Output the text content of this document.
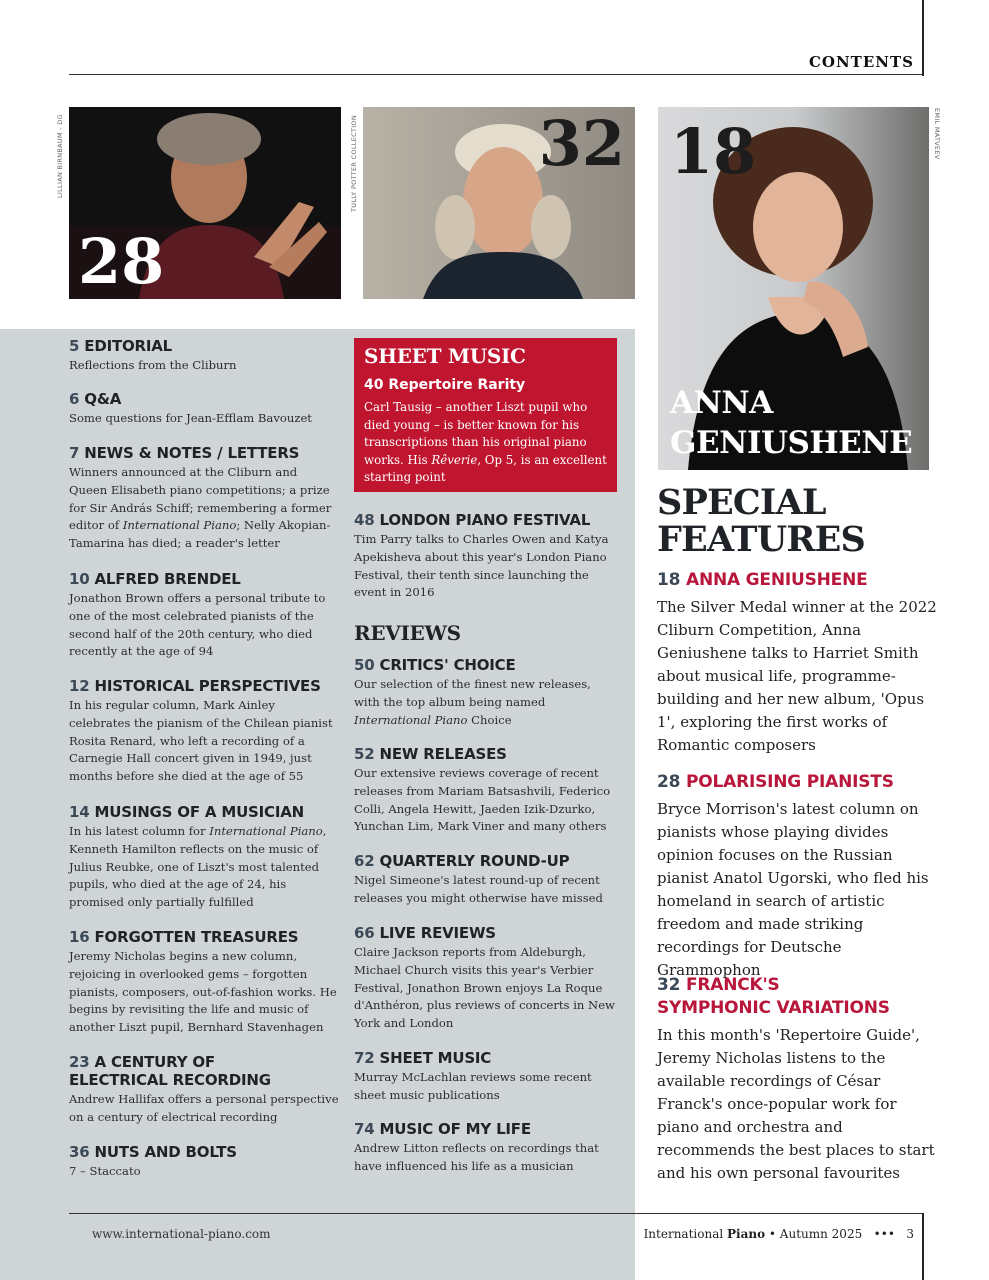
CONTENTS
LILLIAN BIRNBAUM - DG
28
TULLY POTTER COLLECTION	32 18	EMIL MATVEEV
ANNA
GENIUSHENE
5 EDITORIAL

Reflections from the Cliburn

6 Q&A

Some questions for Jean-Efflam Bavouzet

7 NEWS & NOTES / LETTERS

Winners announced at the Cliburn and Queen Elisabeth piano competitions; a prize for Sir András Schiff; remembering a former editor of International Piano; Nelly Akopian-Tamarina has died; a reader's letter

10 ALFRED BRENDEL

Jonathon Brown offers a personal tribute to one of the most celebrated pianists of the second half of the 20th century, who died recently at the age of 94

12 HISTORICAL PERSPECTIVES

In his regular column, Mark Ainley celebrates the pianism of the Chilean pianist Rosita Renard, who left a recording of a Carnegie Hall concert given in 1949, just months before she died at the age of 55

14 MUSINGS OF A MUSICIAN

In his latest column for International Piano, Kenneth Hamilton reflects on the music of Julius Reubke, one of Liszt's most talented pupils, who died at the age of 24, his promised only partially fulfilled

16 FORGOTTEN TREASURES

Jeremy Nicholas begins a new column, rejoicing in overlooked gems – forgotten pianists, composers, out-of-fashion works. He begins by revisiting the life and music of another Liszt pupil, Bernhard Stavenhagen

23 A CENTURY OF
ELECTRICAL RECORDING

Andrew Hallifax offers a personal perspective on a century of electrical recording

36 NUTS AND BOLTS

7 – Staccato

SHEET MUSIC
40 Repertoire Rarity
Carl Tausig – another Liszt pupil who died young – is better known for his transcriptions than his original piano works. His Rêverie, Op 5, is an excellent starting point
48 LONDON PIANO FESTIVAL

Tim Parry talks to Charles Owen and Katya Apekisheva about this year's London Piano Festival, their tenth since launching the event in 2016

REVIEWS
50 CRITICS' CHOICE

Our selection of the finest new releases, with the top album being named International Piano Choice

52 NEW RELEASES

Our extensive reviews coverage of recent releases from Mariam Batsashvili, Federico Colli, Angela Hewitt, Jaeden Izik-Dzurko, Yunchan Lim, Mark Viner and many others

62 QUARTERLY ROUND-UP

Nigel Simeone's latest round-up of recent releases you might otherwise have missed

66 LIVE REVIEWS

Claire Jackson reports from Aldeburgh, Michael Church visits this year's Verbier Festival, Jonathon Brown enjoys La Roque d'Anthéron, plus reviews of concerts in New York and London

72 SHEET MUSIC

Murray McLachlan reviews some recent sheet music publications

74 MUSIC OF MY LIFE

Andrew Litton reflects on recordings that have influenced his life as a musician

SPECIAL
FEATURES
18 ANNA GENIUSHENE

The Silver Medal winner at the 2022 Cliburn Competition, Anna Geniushene talks to Harriet Smith about musical life, programme-building and her new album, 'Opus 1', exploring the first works of Romantic composers

28 POLARISING PIANISTS

Bryce Morrison's latest column on pianists whose playing divides opinion focuses on the Russian pianist Anatol Ugorski, who fled his homeland in search of artistic freedom and made striking recordings for Deutsche Grammophon

32 FRANCK'S
SYMPHONIC VARIATIONS

In this month's 'Repertoire Guide', Jeremy Nicholas listens to the available recordings of César Franck's once-popular work for piano and orchestra and recommends the best places to start and his own personal favourites

www.international-piano.com	International Piano • Autumn 2025 ••• 3
